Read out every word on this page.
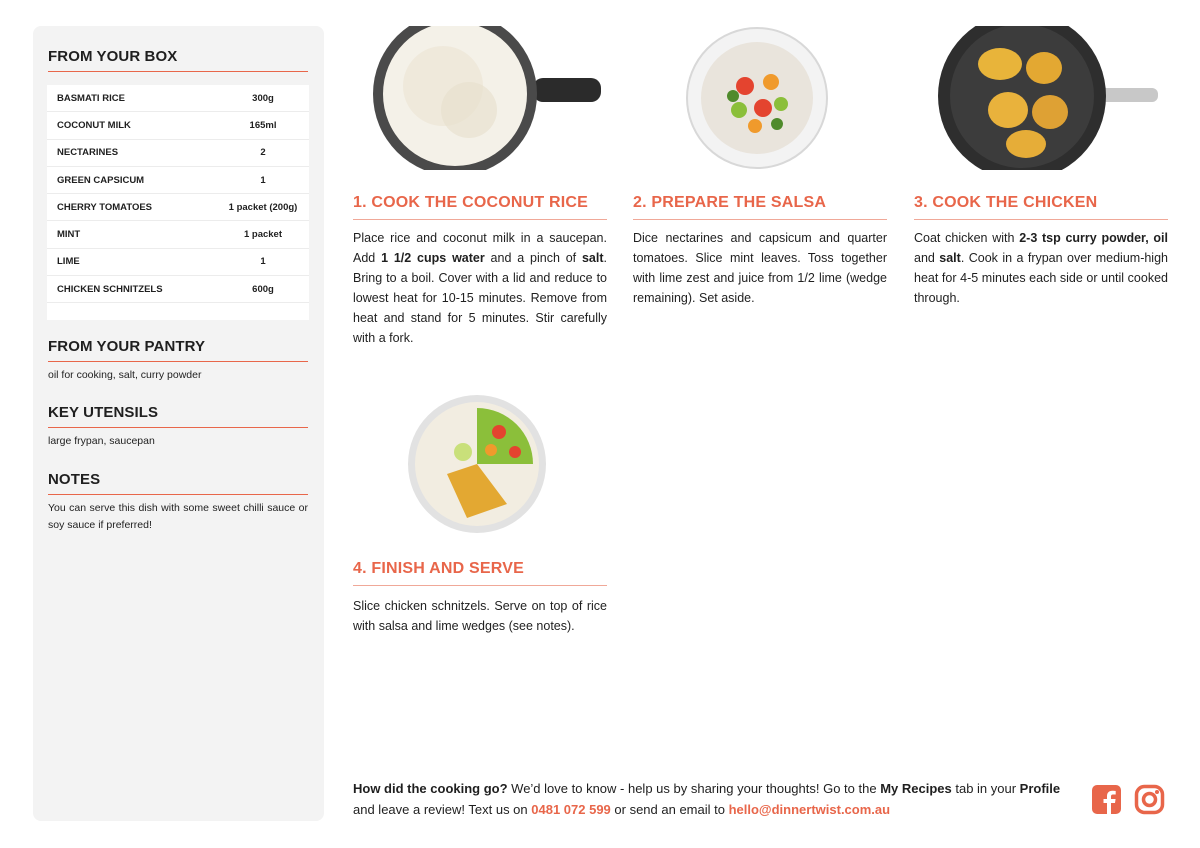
FROM YOUR BOX
BASMATI RICE	300g
COCONUT MILK	165ml
NECTARINES	2
GREEN CAPSICUM	1
CHERRY TOMATOES	1 packet (200g)
MINT	1 packet
LIME	1
CHICKEN SCHNITZELS	600g
FROM YOUR PANTRY
oil for cooking, salt, curry powder
KEY UTENSILS
large frypan, saucepan
NOTES
You can serve this dish with some sweet chilli sauce or soy sauce if preferred!
1. COOK THE COCONUT RICE
Place rice and coconut milk in a saucepan. Add 1 1/2 cups water and a pinch of salt. Bring to a boil. Cover with a lid and reduce to lowest heat for 10-15 minutes. Remove from heat and stand for 5 minutes. Stir carefully with a fork.
2. PREPARE THE SALSA
Dice nectarines and capsicum and quarter tomatoes. Slice mint leaves. Toss together with lime zest and juice from 1/2 lime (wedge remaining). Set aside.
3. COOK THE CHICKEN
Coat chicken with 2-3 tsp curry powder, oil and salt. Cook in a frypan over medium-high heat for 4-5 minutes each side or until cooked through.
4. FINISH AND SERVE
Slice chicken schnitzels. Serve on top of rice with salsa and lime wedges (see notes).
How did the cooking go? We’d love to know - help us by sharing your thoughts! Go to the My Recipes tab in your Profile and leave a review! Text us on 0481 072 599 or send an email to hello@dinnertwist.com.au
